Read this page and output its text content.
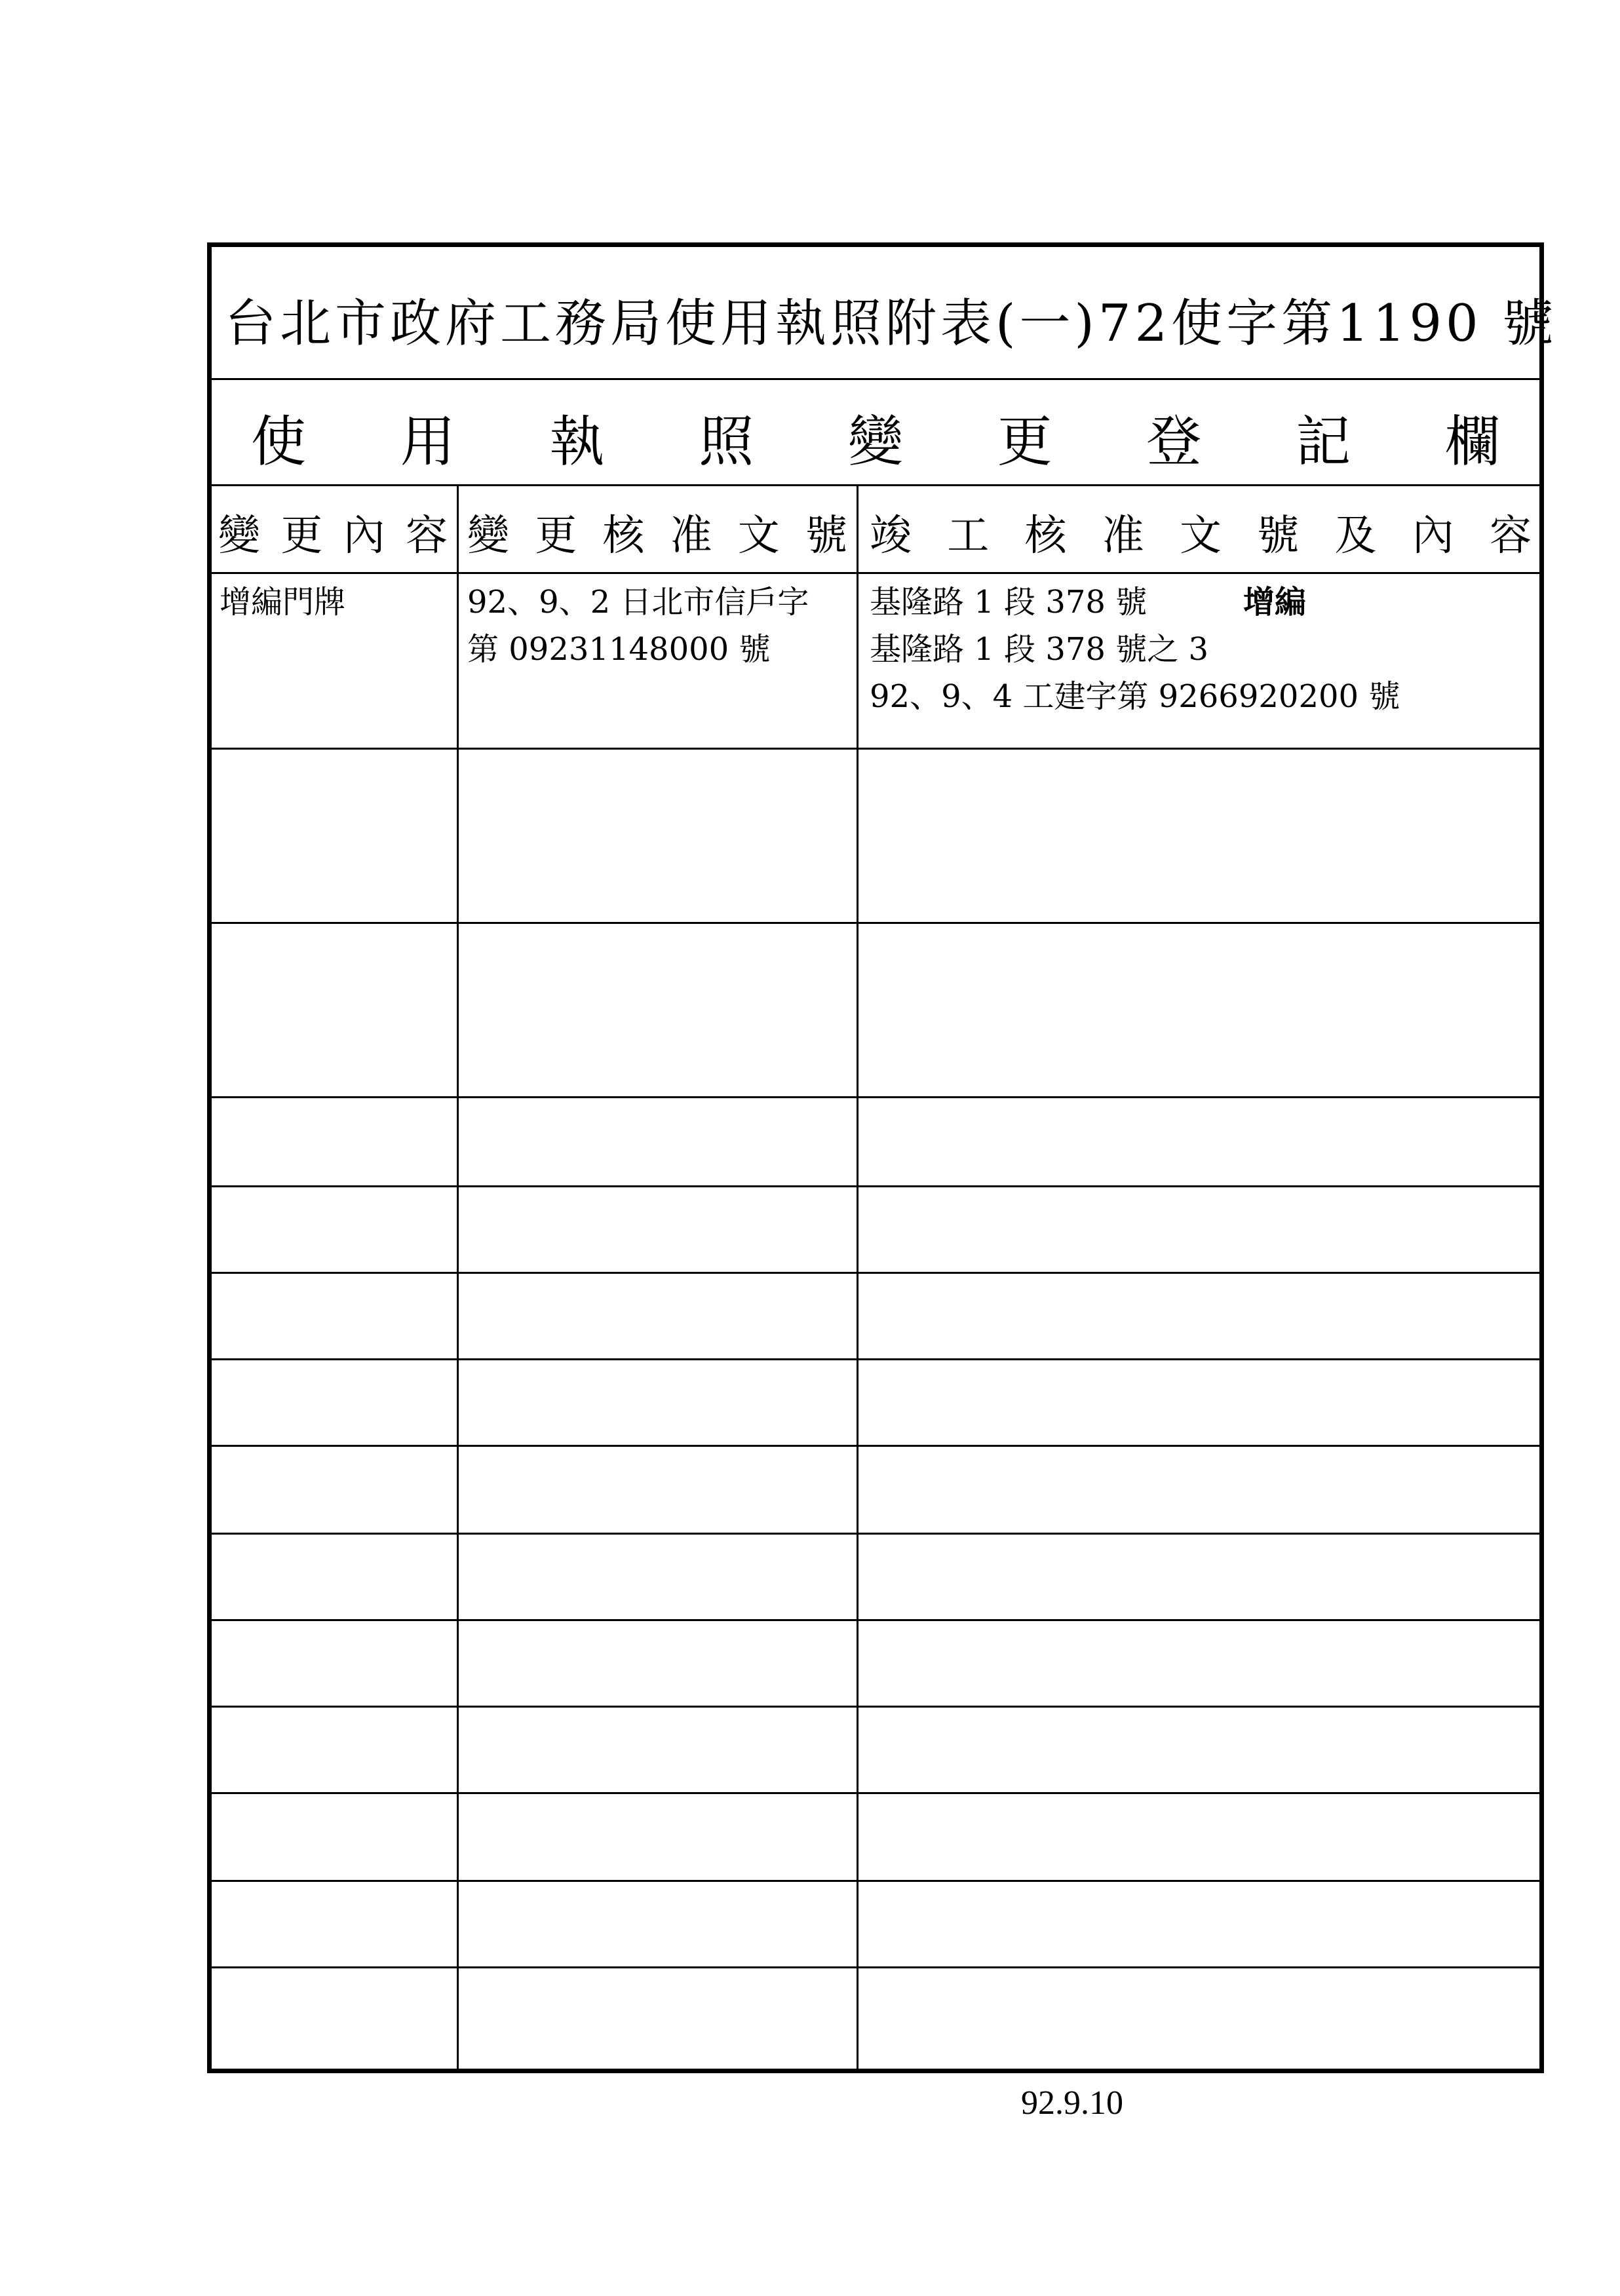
台北市政府工務局使用執照附表(一) 72使字第1190 號
使 用 執 照 變 更 登 記 欄
變 更 內 容 變 更 核 准 文 號 竣 工 核 准 文 號 及 內 容
增編門牌	92、9、2 日北市信戶字
第 09231148000 號
基隆路 1 段 378 號	增編
基隆路 1 段 378 號之 3
92、9、4 工建字第 9266920200 號
92.9.10
